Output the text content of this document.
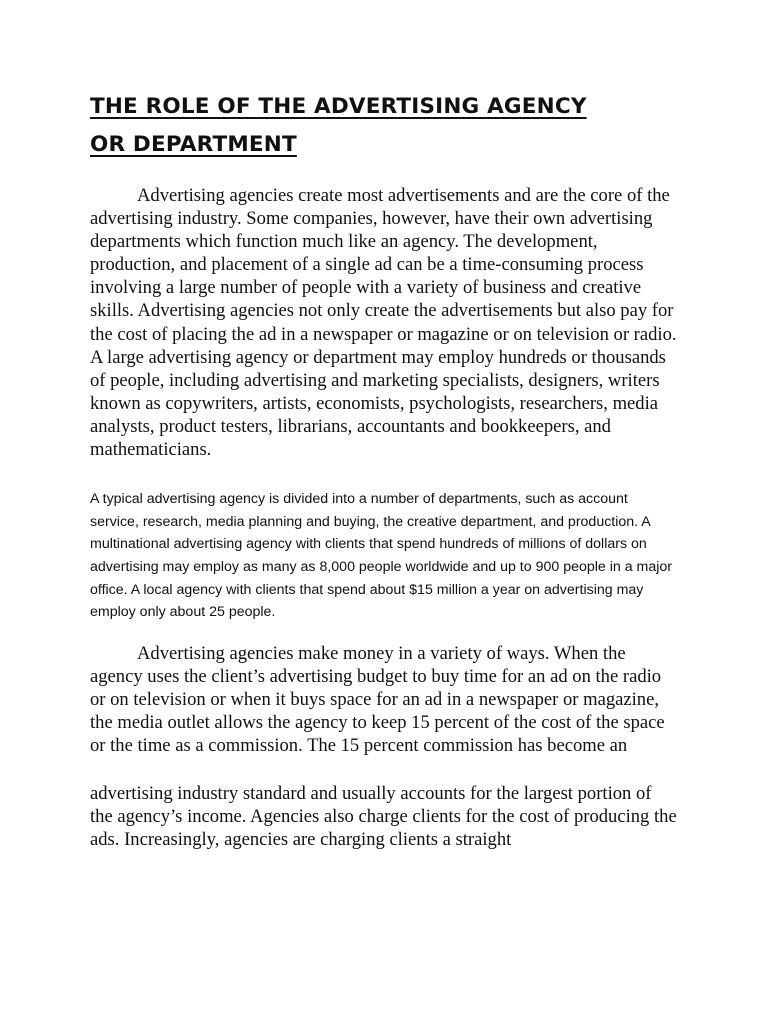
THE ROLE OF THE ADVERTISING AGENCY
OR DEPARTMENT

Advertising agencies create most advertisements and are the core of the advertising industry. Some companies, however, have their own advertising departments which function much like an agency. The development, production, and placement of a single ad can be a time-consuming process involving a large number of people with a variety of business and creative skills. Advertising agencies not only create the advertisements but also pay for the cost of placing the ad in a newspaper or magazine or on television or radio. A large advertising agency or department may employ hundreds or thousands of people, including advertising and marketing specialists, designers, writers known as copywriters, artists, economists, psychologists, researchers, media analysts, product testers, librarians, accountants and bookkeepers, and mathematicians.

A typical advertising agency is divided into a number of departments, such as account service, research, media planning and buying, the creative department, and production. A multinational advertising agency with clients that spend hundreds of millions of dollars on advertising may employ as many as 8,000 people worldwide and up to 900 people in a major office. A local agency with clients that spend about $15 million a year on advertising may employ only about 25 people.

Advertising agencies make money in a variety of ways. When the agency uses the client’s advertising budget to buy time for an ad on the radio or on television or when it buys space for an ad in a newspaper or magazine, the media outlet allows the agency to keep 15 percent of the cost of the space or the time as a commission. The 15 percent commission has become an

advertising industry standard and usually accounts for the largest portion of the agency’s income. Agencies also charge clients for the cost of producing the ads. Increasingly, agencies are charging clients a straight
